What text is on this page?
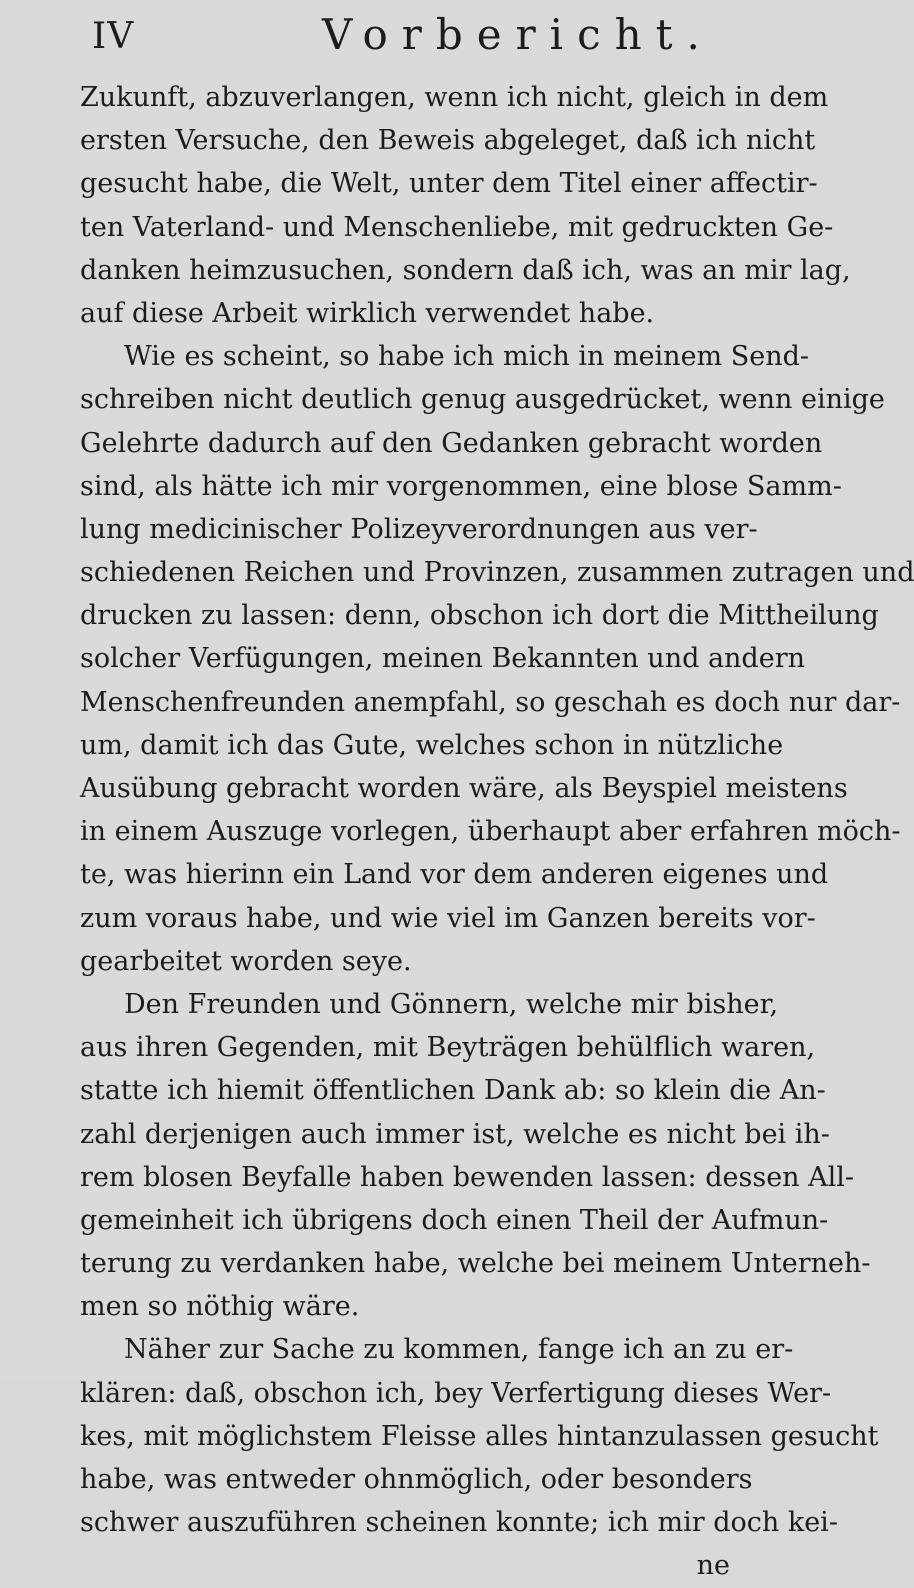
IV	Vorbericht.
Zukunft, abzuverlangen, wenn ich nicht, gleich in dem
ersten Versuche, den Beweis abgeleget, daß ich nicht
gesucht habe, die Welt, unter dem Titel einer affectir-
ten Vaterland- und Menschenliebe, mit gedruckten Ge-
danken heimzusuchen, sondern daß ich, was an mir lag,
auf diese Arbeit wirklich verwendet habe.
Wie es scheint, so habe ich mich in meinem Send-
schreiben nicht deutlich genug ausgedrücket, wenn einige
Gelehrte dadurch auf den Gedanken gebracht worden
sind, als hätte ich mir vorgenommen, eine blose Samm-
lung medicinischer Polizeyverordnungen aus ver-
schiedenen Reichen und Provinzen, zusammen zutragen und
drucken zu lassen: denn, obschon ich dort die Mittheilung
solcher Verfügungen, meinen Bekannten und andern
Menschenfreunden anempfahl, so geschah es doch nur dar-
um, damit ich das Gute, welches schon in nützliche
Ausübung gebracht worden wäre, als Beyspiel meistens
in einem Auszuge vorlegen, überhaupt aber erfahren möch-
te, was hierinn ein Land vor dem anderen eigenes und
zum voraus habe, und wie viel im Ganzen bereits vor-
gearbeitet worden seye.
Den Freunden und Gönnern, welche mir bisher,
aus ihren Gegenden, mit Beyträgen behülflich waren,
statte ich hiemit öffentlichen Dank ab: so klein die An-
zahl derjenigen auch immer ist, welche es nicht bei ih-
rem blosen Beyfalle haben bewenden lassen: dessen All-
gemeinheit ich übrigens doch einen Theil der Aufmun-
terung zu verdanken habe, welche bei meinem Unterneh-
men so nöthig wäre.
Näher zur Sache zu kommen, fange ich an zu er-
klären: daß, obschon ich, bey Verfertigung dieses Wer-
kes, mit möglichstem Fleisse alles hintanzulassen gesucht
habe, was entweder ohnmöglich, oder besonders
schwer auszuführen scheinen konnte; ich mir doch kei-
ne
